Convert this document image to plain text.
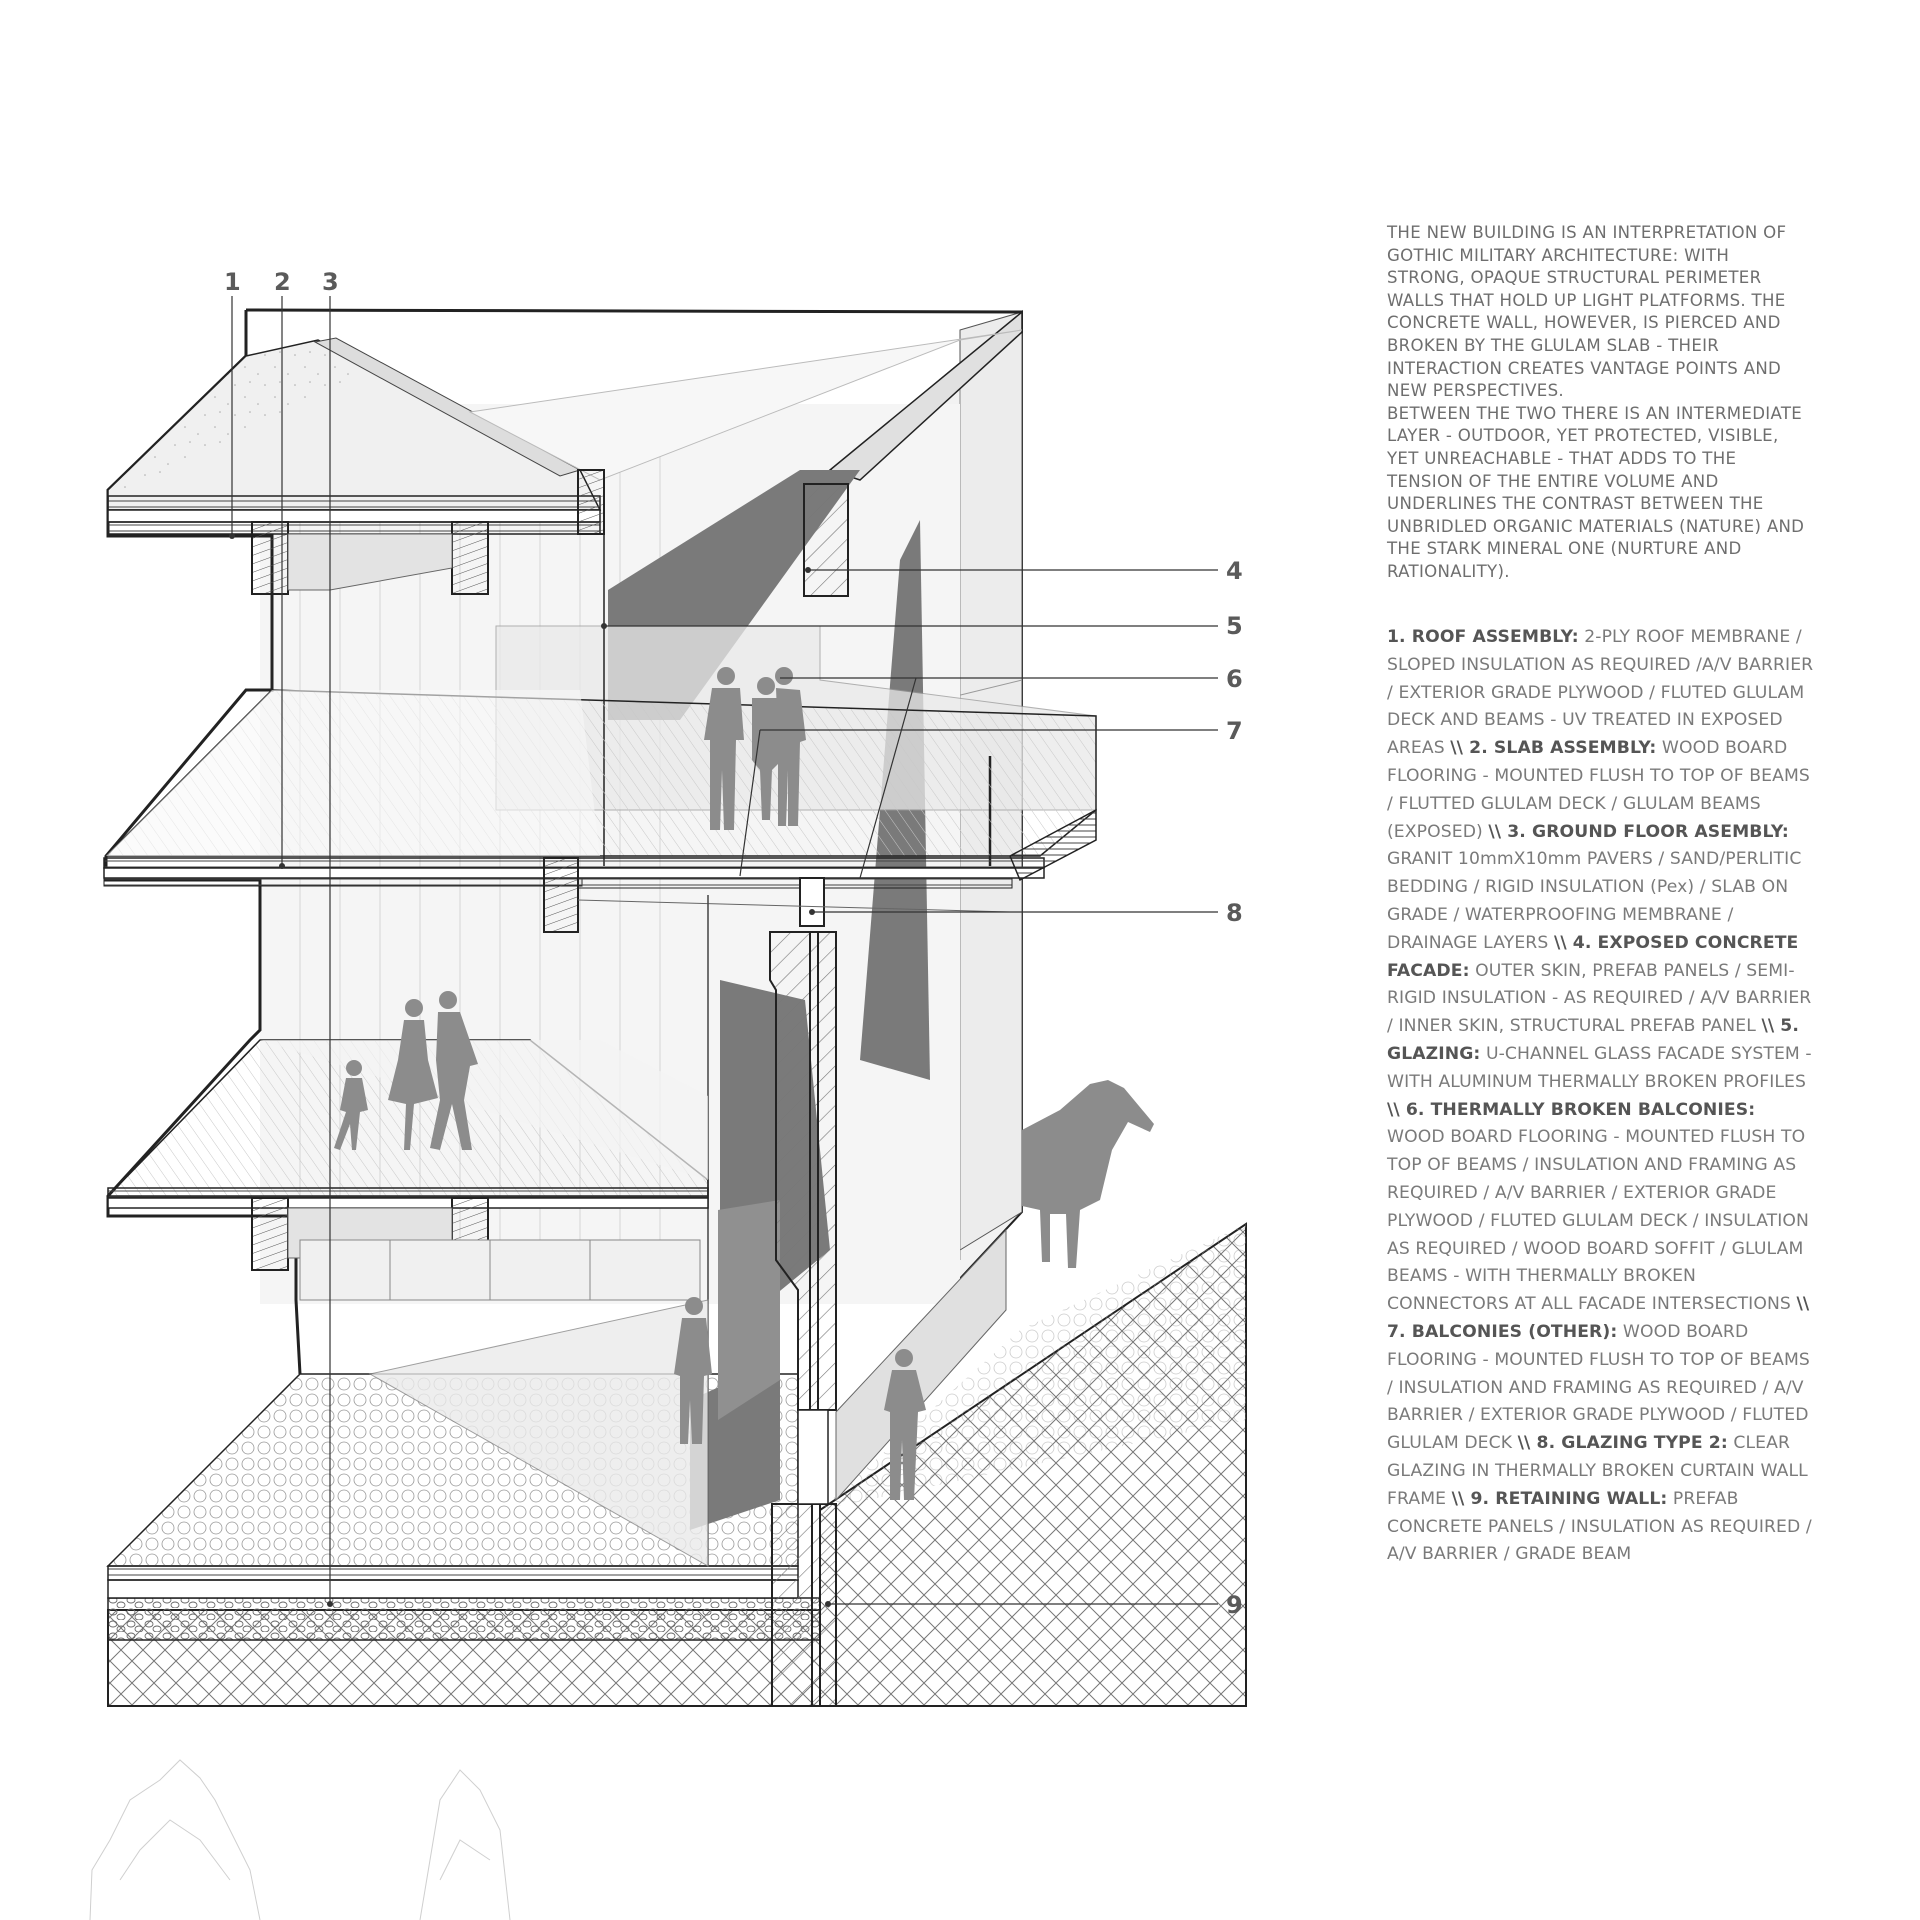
1 2 3
4
5
6
7
8
9

THE NEW BUILDING IS AN INTERPRETATION OF GOTHIC MILITARY ARCHITECTURE: WITH STRONG, OPAQUE STRUCTURAL PERIMETER WALLS THAT HOLD UP LIGHT PLATFORMS. THE CONCRETE WALL, HOWEVER, IS PIERCED AND BROKEN BY THE GLULAM SLAB - THEIR INTERACTION CREATES VANTAGE POINTS AND NEW PERSPECTIVES.

BETWEEN THE TWO THERE IS AN INTERMEDIATE LAYER - OUTDOOR, YET PROTECTED, VISIBLE, YET UNREACHABLE - THAT ADDS TO THE TENSION OF THE ENTIRE VOLUME AND UNDERLINES THE CONTRAST BETWEEN THE UNBRIDLED ORGANIC MATERIALS (NATURE) AND THE STARK MINERAL ONE (NURTURE AND RATIONALITY).

1. ROOF ASSEMBLY: 2-PLY ROOF MEMBRANE / SLOPED INSULATION AS REQUIRED /A/V BARRIER / EXTERIOR GRADE PLYWOOD / FLUTED GLULAM DECK AND BEAMS - UV TREATED IN EXPOSED AREAS \\ 2. SLAB ASSEMBLY: WOOD BOARD FLOORING - MOUNTED FLUSH TO TOP OF BEAMS / FLUTTED GLULAM DECK / GLULAM BEAMS (EXPOSED) \\ 3. GROUND FLOOR ASEMBLY: GRANIT 10mmX10mm PAVERS / SAND/PERLITIC BEDDING / RIGID INSULATION (Pex) / SLAB ON GRADE / WATERPROOFING MEMBRANE / DRAINAGE LAYERS \\ 4. EXPOSED CONCRETE FACADE: OUTER SKIN, PREFAB PANELS / SEMI-RIGID INSULATION - AS REQUIRED / A/V BARRIER / INNER SKIN, STRUCTURAL PREFAB PANEL \\ 5. GLAZING: U-CHANNEL GLASS FACADE SYSTEM - WITH ALUMINUM THERMALLY BROKEN PROFILES \\ 6. THERMALLY BROKEN BALCONIES: WOOD BOARD FLOORING - MOUNTED FLUSH TO TOP OF BEAMS / INSULATION AND FRAMING AS REQUIRED / A/V BARRIER / EXTERIOR GRADE PLYWOOD / FLUTED GLULAM DECK / INSULATION AS REQUIRED / WOOD BOARD SOFFIT / GLULAM BEAMS - WITH THERMALLY BROKEN CONNECTORS AT ALL FACADE INTERSECTIONS \\ 7. BALCONIES (OTHER): WOOD BOARD FLOORING - MOUNTED FLUSH TO TOP OF BEAMS / INSULATION AND FRAMING AS REQUIRED / A/V BARRIER / EXTERIOR GRADE PLYWOOD / FLUTED GLULAM DECK \\ 8. GLAZING TYPE 2: CLEAR GLAZING IN THERMALLY BROKEN CURTAIN WALL FRAME \\ 9. RETAINING WALL: PREFAB CONCRETE PANELS / INSULATION AS REQUIRED / A/V BARRIER / GRADE BEAM
